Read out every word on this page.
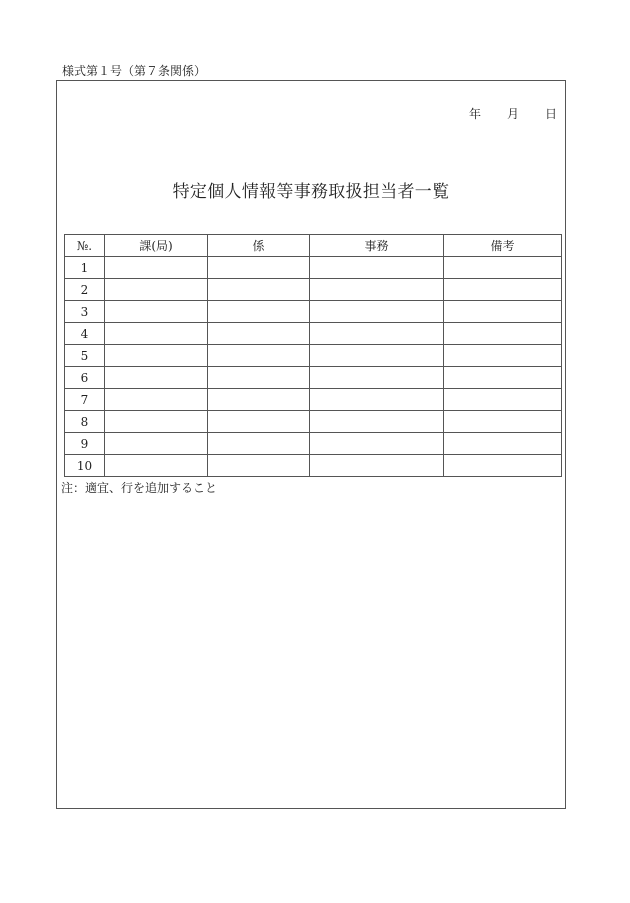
様式第１号（第７条関係）
年 月 日
特定個人情報等事務取扱担当者一覧
№.	課(局)	係	事務	備考
1				
2				
3				
4				
5				
6				
7				
8				
9				
10				
注：適宜、行を追加すること
